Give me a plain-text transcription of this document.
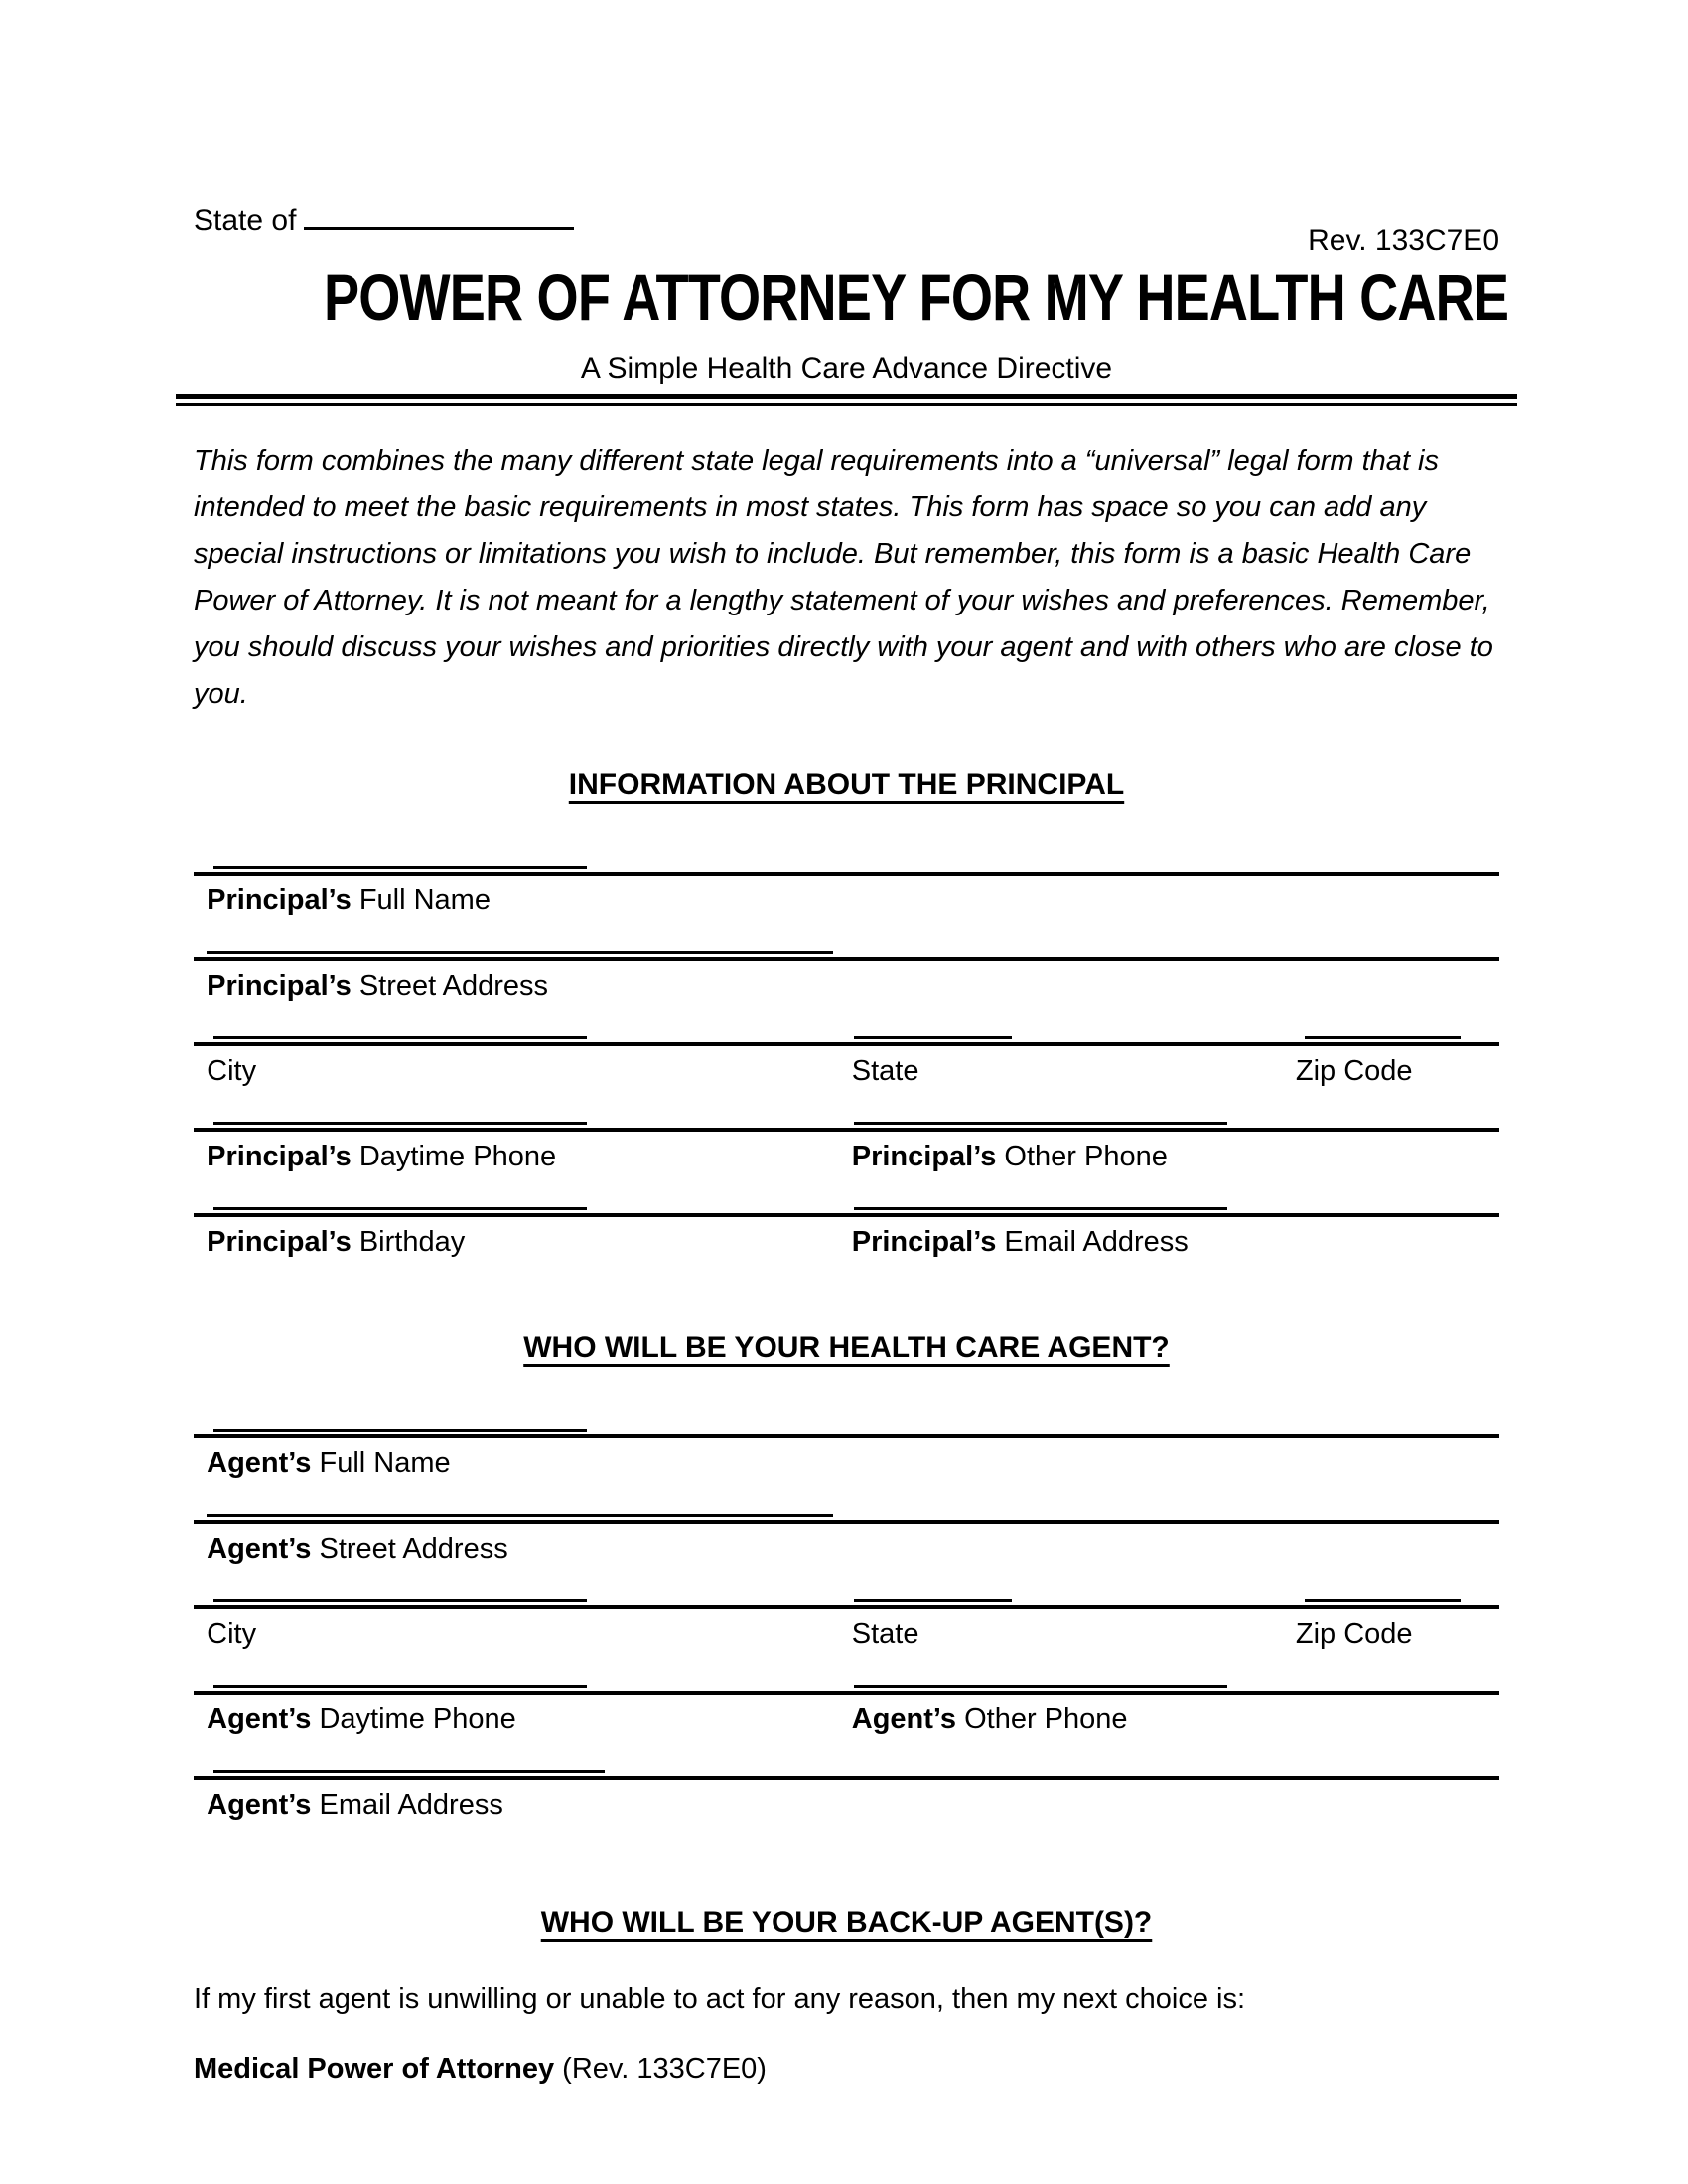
State of
Rev. 133C7E0
POWER OF ATTORNEY FOR MY HEALTH CARE
A Simple Health Care Advance Directive
This form combines the many different state legal requirements into a “universal” legal form that is intended to meet the basic requirements in most states. This form has space so you can add any special instructions or limitations you wish to include. But remember, this form is a basic Health Care Power of Attorney. It is not meant for a lengthy statement of your wishes and preferences. Remember, you should discuss your wishes and priorities directly with your agent and with others who are close to you.
INFORMATION ABOUT THE PRINCIPAL
Principal’s Full Name
Principal’s Street Address
City	State	Zip Code
Principal’s Daytime Phone	Principal’s Other Phone
Principal’s Birthday	Principal’s Email Address
WHO WILL BE YOUR HEALTH CARE AGENT?
Agent’s Full Name
Agent’s Street Address
City	State	Zip Code
Agent’s Daytime Phone	Agent’s Other Phone
Agent’s Email Address
WHO WILL BE YOUR BACK-UP AGENT(S)?
If my first agent is unwilling or unable to act for any reason, then my next choice is:
Medical Power of Attorney (Rev. 133C7E0)
